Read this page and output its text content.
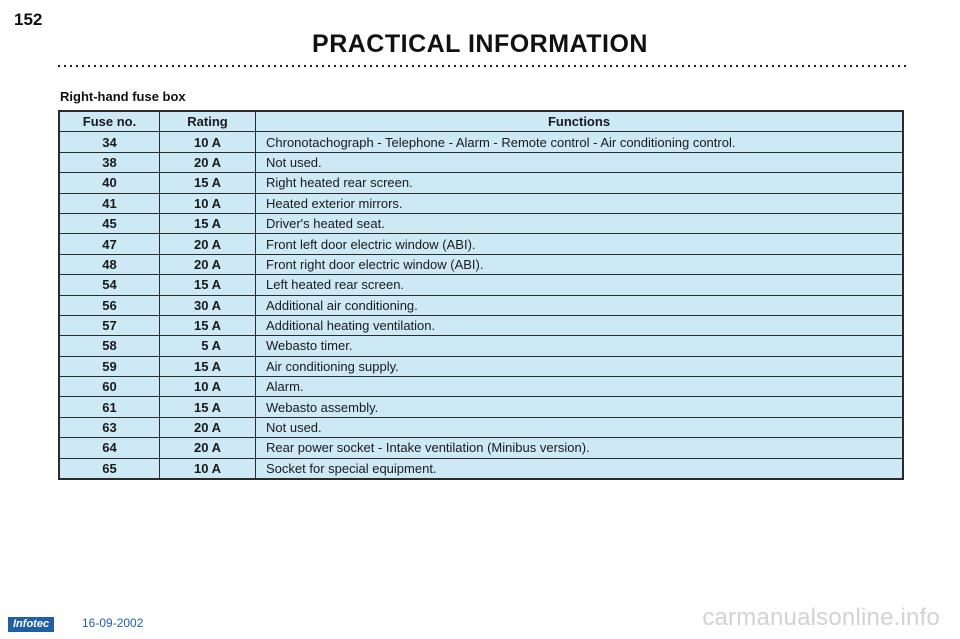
152
PRACTICAL INFORMATION
Right-hand fuse box
Fuse no.	Rating	Functions
34	10 A	Chronotachograph - Telephone - Alarm - Remote control - Air conditioning control.
38	20 A	Not used.
40	15 A	Right heated rear screen.
41	10 A	Heated exterior mirrors.
45	15 A	Driver's heated seat.
47	20 A	Front left door electric window (ABI).
48	20 A	Front right door electric window (ABI).
54	15 A	Left heated rear screen.
56	30 A	Additional air conditioning.
57	15 A	Additional heating ventilation.
58	5 A	Webasto timer.
59	15 A	Air conditioning supply.
60	10 A	Alarm.
61	15 A	Webasto assembly.
63	20 A	Not used.
64	20 A	Rear power socket - Intake ventilation (Minibus version).
65	10 A	Socket for special equipment.
Infotec	16-09-2002	carmanualsonline.info
